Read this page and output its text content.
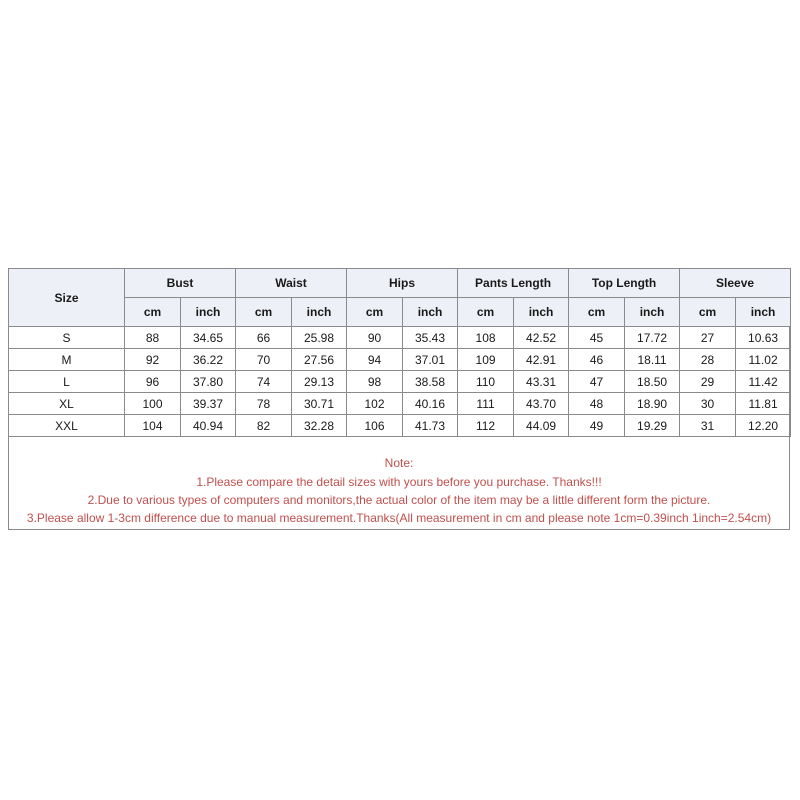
Size	Bust		Waist		Hips		Pants Length		Top Length		Sleeve	
	cm	inch	cm	inch	cm	inch	cm	inch	cm	inch	cm	inch
S	88	34.65	66	25.98	90	35.43	108	42.52	45	17.72	27	10.63
M	92	36.22	70	27.56	94	37.01	109	42.91	46	18.11	28	11.02
L	96	37.80	74	29.13	98	38.58	110	43.31	47	18.50	29	11.42
XL	100	39.37	78	30.71	102	40.16	111	43.70	48	18.90	30	11.81
XXL	104	40.94	82	32.28	106	41.73	112	44.09	49	19.29	31	12.20
Note:
1.Please compare the detail sizes with yours before you purchase. Thanks!!!
2.Due to various types of computers and monitors,the actual color of the item may be a little different form the picture.
3.Please allow 1-3cm difference due to manual measurement.Thanks(All measurement in cm and please note 1cm=0.39inch 1inch=2.54cm)
